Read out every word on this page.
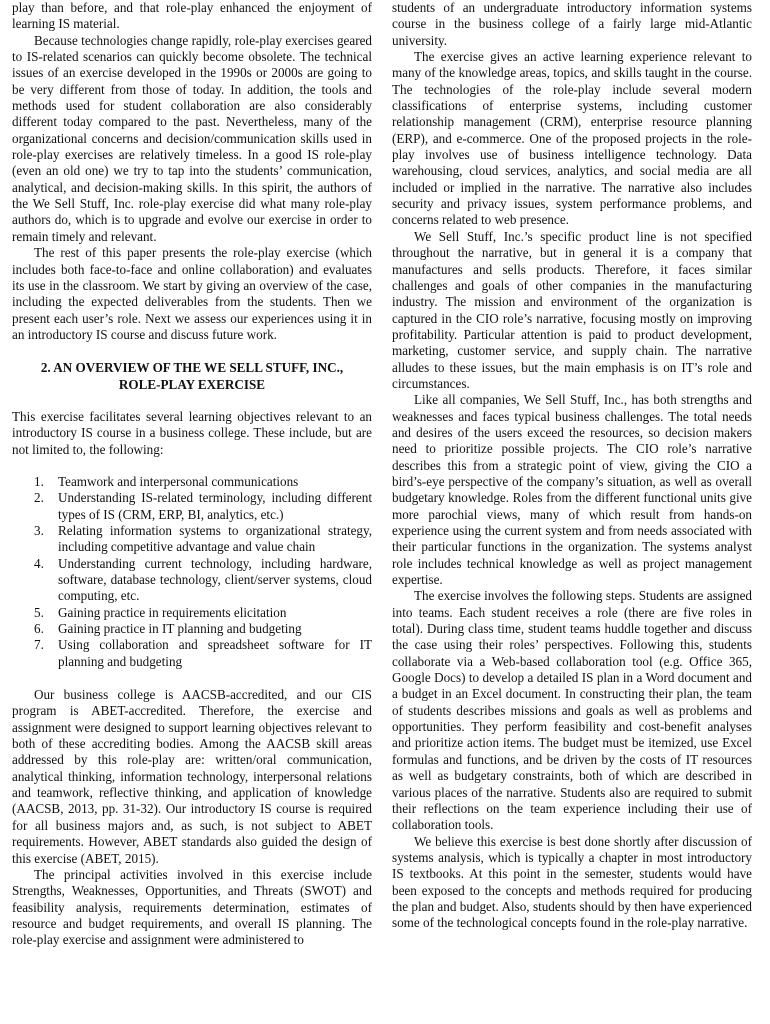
play than before, and that role-play enhanced the enjoyment of learning IS material.

Because technologies change rapidly, role-play exercises geared to IS-related scenarios can quickly become obsolete. The technical issues of an exercise developed in the 1990s or 2000s are going to be very different from those of today. In addition, the tools and methods used for student collaboration are also considerably different today compared to the past. Nevertheless, many of the organizational concerns and decision/communication skills used in role-play exercises are relatively timeless. In a good IS role-play (even an old one) we try to tap into the students’ communication, analytical, and decision-making skills. In this spirit, the authors of the We Sell Stuff, Inc. role-play exercise did what many role-play authors do, which is to upgrade and evolve our exercise in order to remain timely and relevant.

The rest of this paper presents the role-play exercise (which includes both face-to-face and online collaboration) and evaluates its use in the classroom. We start by giving an overview of the case, including the expected deliverables from the students. Then we present each user’s role. Next we assess our experiences using it in an introductory IS course and discuss future work.

2. AN OVERVIEW OF THE WE SELL STUFF, INC.,
ROLE-PLAY EXERCISE

This exercise facilitates several learning objectives relevant to an introductory IS course in a business college. These include, but are not limited to, the following:

1. Teamwork and interpersonal communications
2. Understanding IS-related terminology, including different types of IS (CRM, ERP, BI, analytics, etc.)
3. Relating information systems to organizational strategy, including competitive advantage and value chain
4. Understanding current technology, including hardware, software, database technology, client/server systems, cloud computing, etc.
5. Gaining practice in requirements elicitation
6. Gaining practice in IT planning and budgeting
7. Using collaboration and spreadsheet software for IT planning and budgeting

Our business college is AACSB-accredited, and our CIS program is ABET-accredited. Therefore, the exercise and assignment were designed to support learning objectives relevant to both of these accrediting bodies. Among the AACSB skill areas addressed by this role-play are: written/oral communication, analytical thinking, information technology, interpersonal relations and teamwork, reflective thinking, and application of knowledge (AACSB, 2013, pp. 31-32). Our introductory IS course is required for all business majors and, as such, is not subject to ABET requirements. However, ABET standards also guided the design of this exercise (ABET, 2015).

The principal activities involved in this exercise include Strengths, Weaknesses, Opportunities, and Threats (SWOT) and feasibility analysis, requirements determination, estimates of resource and budget requirements, and overall IS planning. The role-play exercise and assignment were administered to

students of an undergraduate introductory information systems course in the business college of a fairly large mid-Atlantic university.

The exercise gives an active learning experience relevant to many of the knowledge areas, topics, and skills taught in the course. The technologies of the role-play include several modern classifications of enterprise systems, including customer relationship management (CRM), enterprise resource planning (ERP), and e-commerce. One of the proposed projects in the role-play involves use of business intelligence technology. Data warehousing, cloud services, analytics, and social media are all included or implied in the narrative. The narrative also includes security and privacy issues, system performance problems, and concerns related to web presence.

We Sell Stuff, Inc.’s specific product line is not specified throughout the narrative, but in general it is a company that manufactures and sells products. Therefore, it faces similar challenges and goals of other companies in the manufacturing industry. The mission and environment of the organization is captured in the CIO role’s narrative, focusing mostly on improving profitability. Particular attention is paid to product development, marketing, customer service, and supply chain. The narrative alludes to these issues, but the main emphasis is on IT’s role and circumstances.

Like all companies, We Sell Stuff, Inc., has both strengths and weaknesses and faces typical business challenges. The total needs and desires of the users exceed the resources, so decision makers need to prioritize possible projects. The CIO role’s narrative describes this from a strategic point of view, giving the CIO a bird’s-eye perspective of the company’s situation, as well as overall budgetary knowledge. Roles from the different functional units give more parochial views, many of which result from hands-on experience using the current system and from needs associated with their particular functions in the organization. The systems analyst role includes technical knowledge as well as project management expertise.

The exercise involves the following steps. Students are assigned into teams. Each student receives a role (there are five roles in total). During class time, student teams huddle together and discuss the case using their roles’ perspectives. Following this, students collaborate via a Web-based collaboration tool (e.g. Office 365, Google Docs) to develop a detailed IS plan in a Word document and a budget in an Excel document. In constructing their plan, the team of students describes missions and goals as well as problems and opportunities. They perform feasibility and cost-benefit analyses and prioritize action items. The budget must be itemized, use Excel formulas and functions, and be driven by the costs of IT resources as well as budgetary constraints, both of which are described in various places of the narrative. Students also are required to submit their reflections on the team experience including their use of collaboration tools.

We believe this exercise is best done shortly after discussion of systems analysis, which is typically a chapter in most introductory IS textbooks. At this point in the semester, students would have been exposed to the concepts and methods required for producing the plan and budget. Also, students should by then have experienced some of the technological concepts found in the role-play narrative.
